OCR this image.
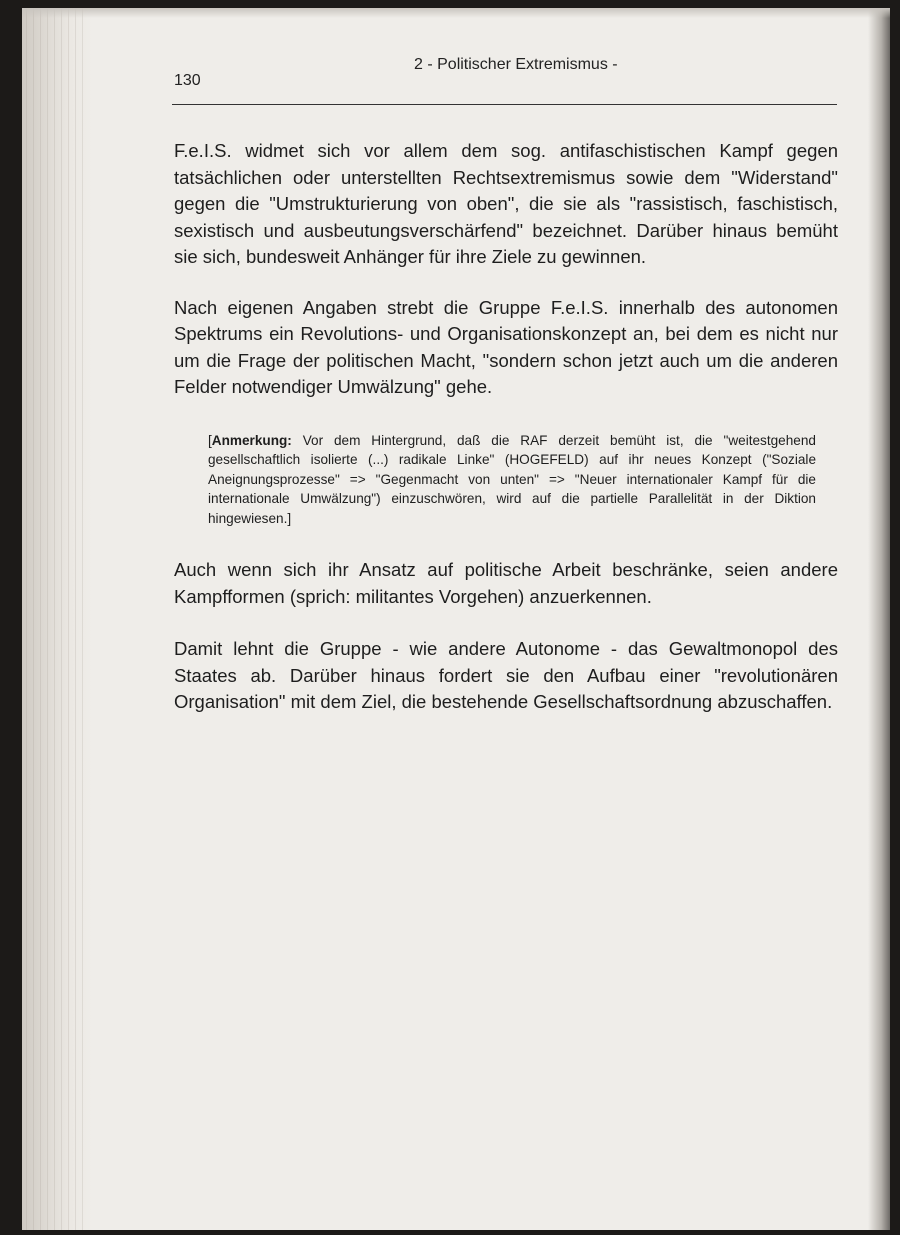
2 - Politischer Extremismus -
130

F.e.I.S. widmet sich vor allem dem sog. antifaschistischen Kampf gegen tatsächlichen oder unterstellten Rechtsextremismus sowie dem "Widerstand" gegen die "Umstrukturierung von oben", die sie als "rassistisch, faschistisch, sexistisch und ausbeutungsverschärfend" bezeichnet. Darüber hinaus bemüht sie sich, bundesweit Anhänger für ihre Ziele zu gewinnen.

Nach eigenen Angaben strebt die Gruppe F.e.I.S. innerhalb des autonomen Spektrums ein Revolutions- und Organisationskonzept an, bei dem es nicht nur um die Frage der politischen Macht, "sondern schon jetzt auch um die anderen Felder notwendiger Umwälzung" gehe.

[Anmerkung: Vor dem Hintergrund, daß die RAF derzeit bemüht ist, die "weitestgehend gesellschaftlich isolierte (...) radikale Linke" (HOGEFELD) auf ihr neues Konzept ("Soziale Aneignungsprozesse" => "Gegenmacht von unten" => "Neuer internationaler Kampf für die internationale Umwälzung") einzuschwören, wird auf die partielle Parallelität in der Diktion hingewiesen.]

Auch wenn sich ihr Ansatz auf politische Arbeit beschränke, seien andere Kampfformen (sprich: militantes Vorgehen) anzuerkennen.

Damit lehnt die Gruppe - wie andere Autonome - das Gewaltmonopol des Staates ab. Darüber hinaus fordert sie den Aufbau einer "revolutionären Organisation" mit dem Ziel, die bestehende Gesellschaftsordnung abzuschaffen.
